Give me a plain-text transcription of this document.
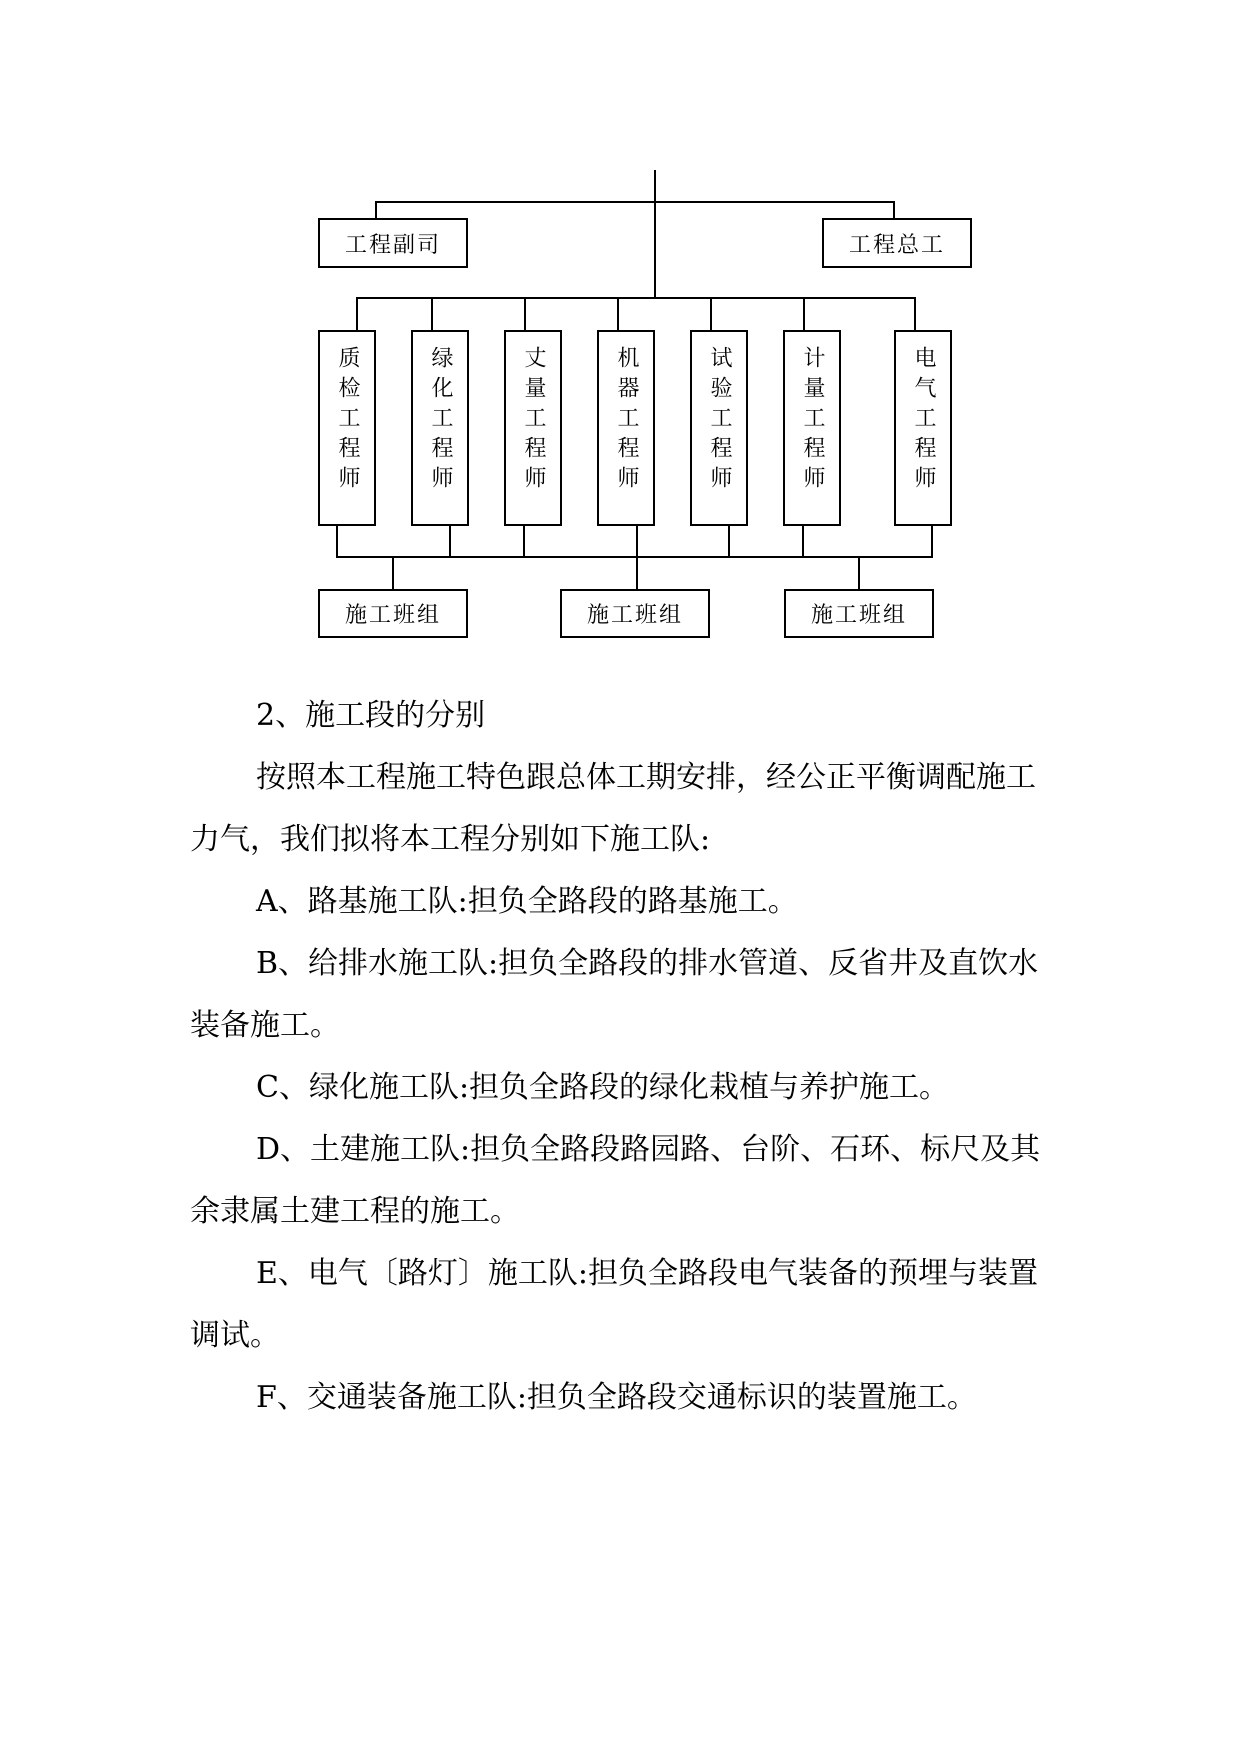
工程副司	工程总工
质检工程师	绿化工程师	丈量工程师	机器工程师	试验工程师	计量工程师	电气工程师
施工班组	施工班组	施工班组

2、施工段的分别

按照本工程施工特色跟总体工期安排，经公正平衡调配施工力气，我们拟将本工程分别如下施工队:

A、路基施工队:担负全路段的路基施工。

B、给排水施工队:担负全路段的排水管道、反省井及直饮水装备施工。

C、绿化施工队:担负全路段的绿化栽植与养护施工。

D、土建施工队:担负全路段路园路、台阶、石环、标尺及其余隶属土建工程的施工。

E、电气〔路灯〕施工队:担负全路段电气装备的预埋与装置调试。

F、交通装备施工队:担负全路段交通标识的装置施工。
